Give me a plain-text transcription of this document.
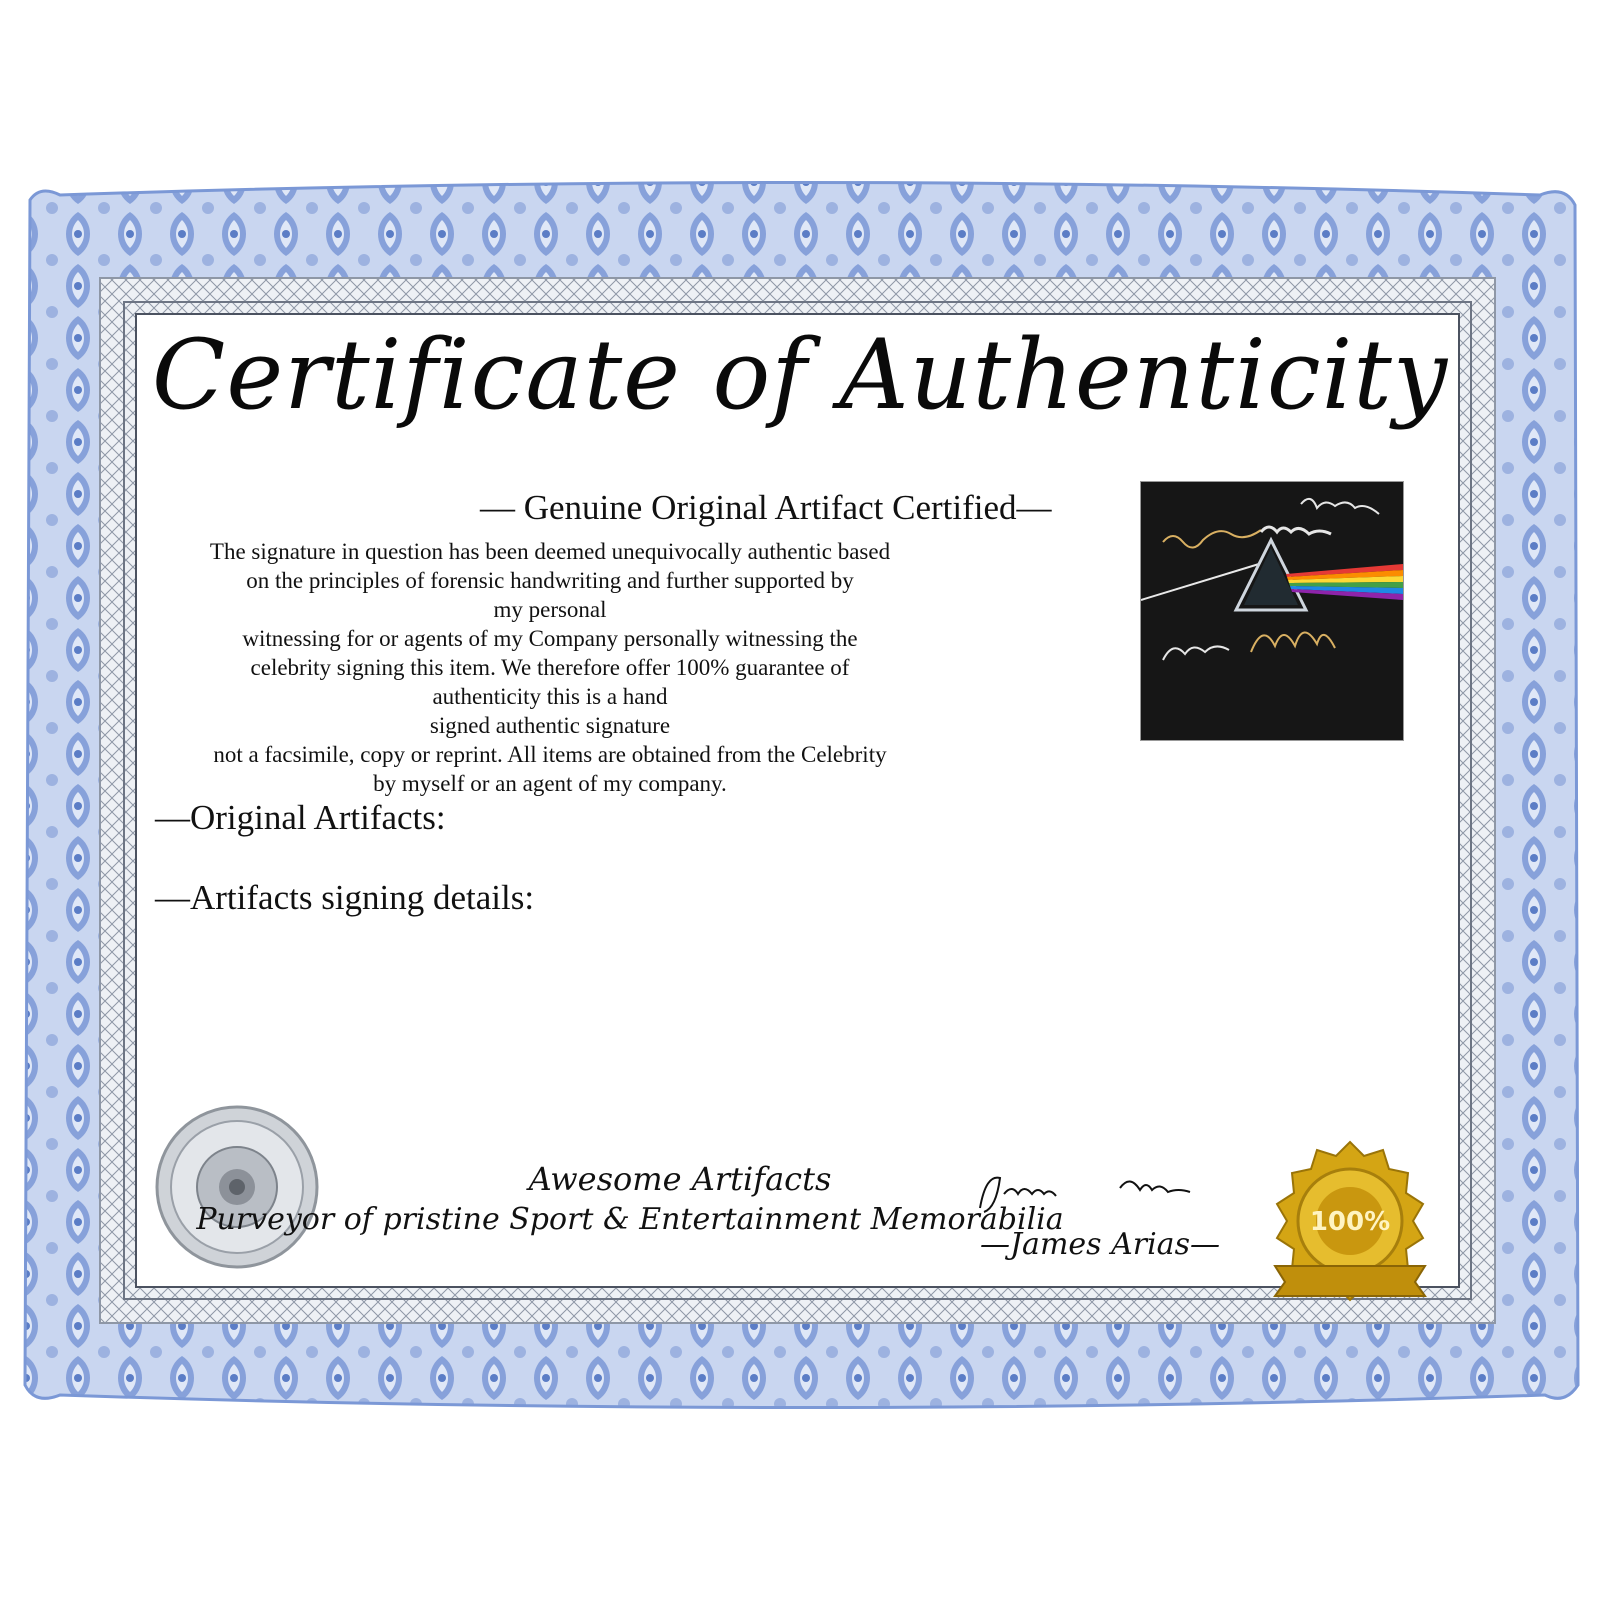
Certificate of Authenticity
— Genuine Original Artifact Certified—
The signature in question has been deemed unequivocally authentic based
on the principles of forensic handwriting and further supported by
my personal
witnessing for or agents of my Company personally witnessing the
celebrity signing this item. We therefore offer 100% guarantee of
authenticity this is a hand
signed authentic signature
not a facsimile, copy or reprint. All items are obtained from the Celebrity
by myself or an agent of my company.
—Original Artifacts:
—Artifacts signing details:
Awesome Artifacts
Purveyor of pristine Sport & Entertainment Memorabilia
—James Arias—
100%
